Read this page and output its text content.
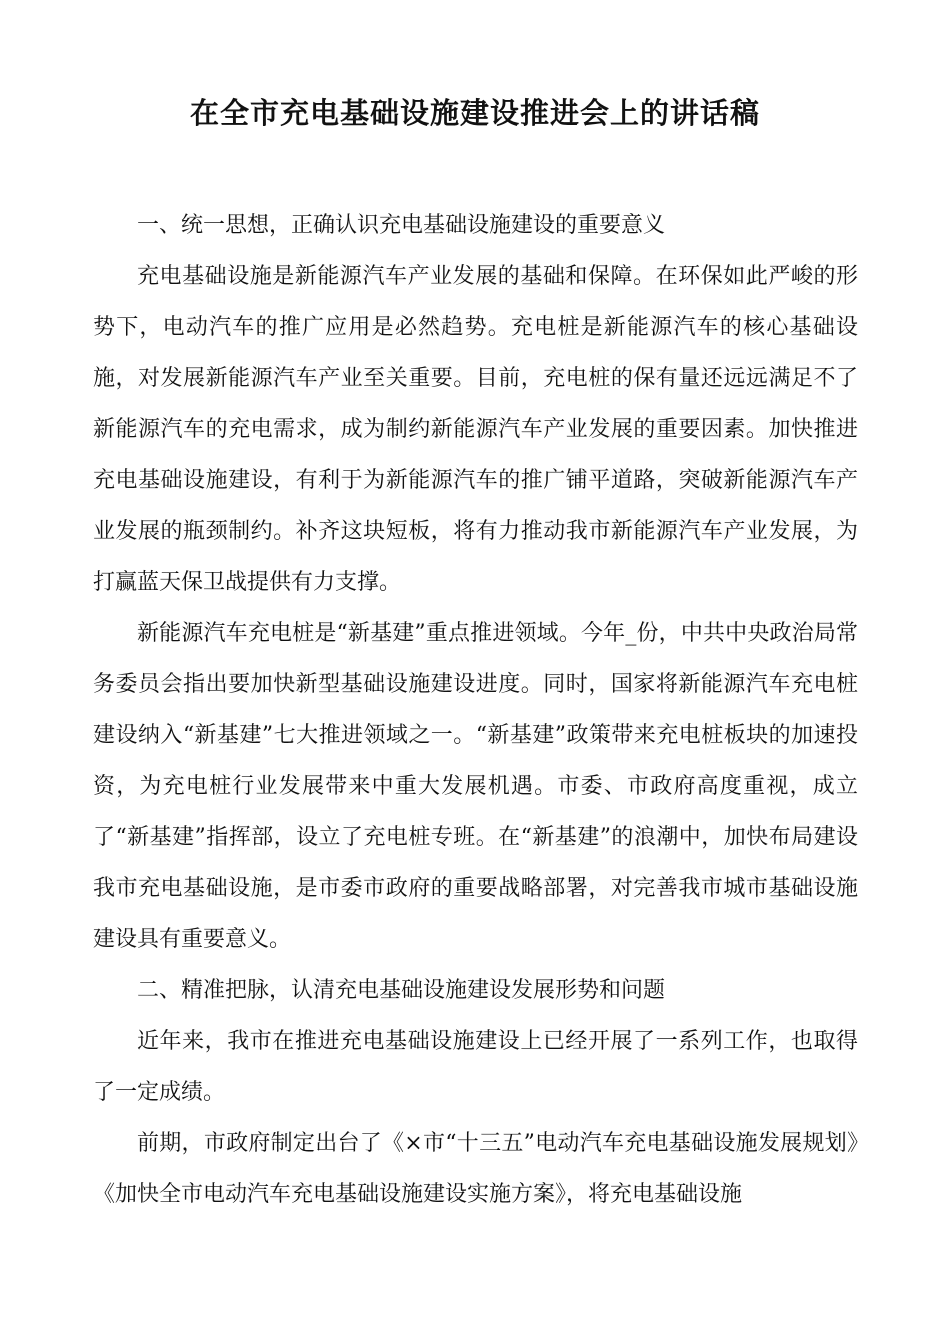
在全市充电基础设施建设推进会上的讲话稿

一、统一思想，正确认识充电基础设施建设的重要意义

充电基础设施是新能源汽车产业发展的基础和保障。在环保如此严峻的形势下，电动汽车的推广应用是必然趋势。充电桩是新能源汽车的核心基础设施，对发展新能源汽车产业至关重要。目前，充电桩的保有量还远远满足不了新能源汽车的充电需求，成为制约新能源汽车产业发展的重要因素。加快推进充电基础设施建设，有利于为新能源汽车的推广铺平道路，突破新能源汽车产业发展的瓶颈制约。补齐这块短板，将有力推动我市新能源汽车产业发展，为打赢蓝天保卫战提供有力支撑。

新能源汽车充电桩是“新基建”重点推进领域。今年_份，中共中央政治局常务委员会指出要加快新型基础设施建设进度。同时，国家将新能源汽车充电桩建设纳入“新基建”七大推进领域之一。“新基建”政策带来充电桩板块的加速投资，为充电桩行业发展带来中重大发展机遇。市委、市政府高度重视，成立了“新基建”指挥部，设立了充电桩专班。在“新基建”的浪潮中，加快布局建设我市充电基础设施，是市委市政府的重要战略部署，对完善我市城市基础设施建设具有重要意义。

二、精准把脉，认清充电基础设施建设发展形势和问题

近年来，我市在推进充电基础设施建设上已经开展了一系列工作，也取得了一定成绩。

前期，市政府制定出台了《×市“十三五”电动汽车充电基础设施发展规划》《加快全市电动汽车充电基础设施建设实施方案》，将充电基础设施
